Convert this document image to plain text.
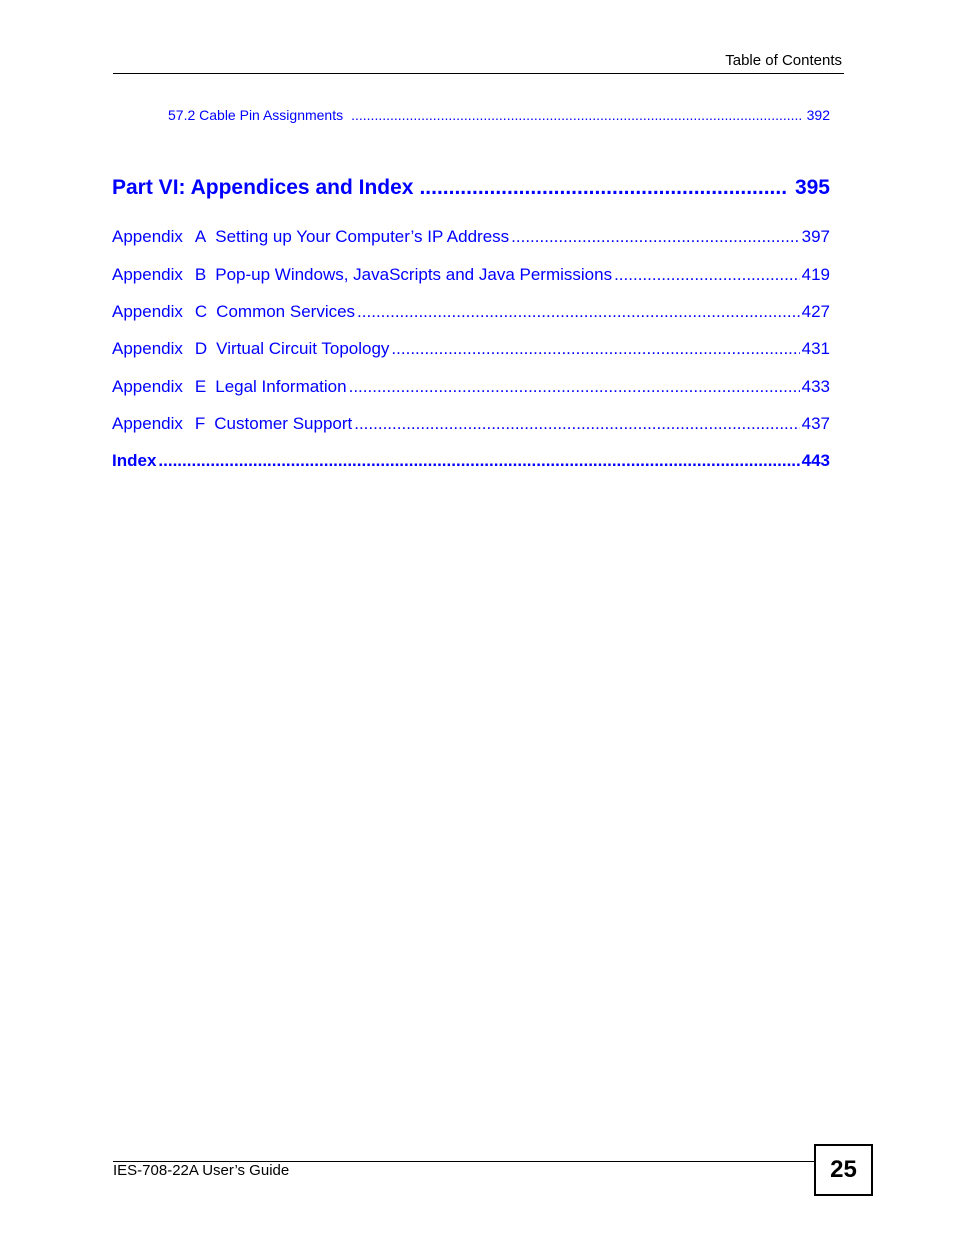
Table of Contents
57.2 Cable Pin Assignments .....	392
Part VI: Appendices and Index .....	395
Appendix A Setting up Your Computer’s IP Address .....	397
Appendix B Pop-up Windows, JavaScripts and Java Permissions .....	419
Appendix C Common Services .....	427
Appendix D Virtual Circuit Topology .....	431
Appendix E Legal Information .....	433
Appendix F Customer Support .....	437
Index .....	443
IES-708-22A User’s Guide	25
